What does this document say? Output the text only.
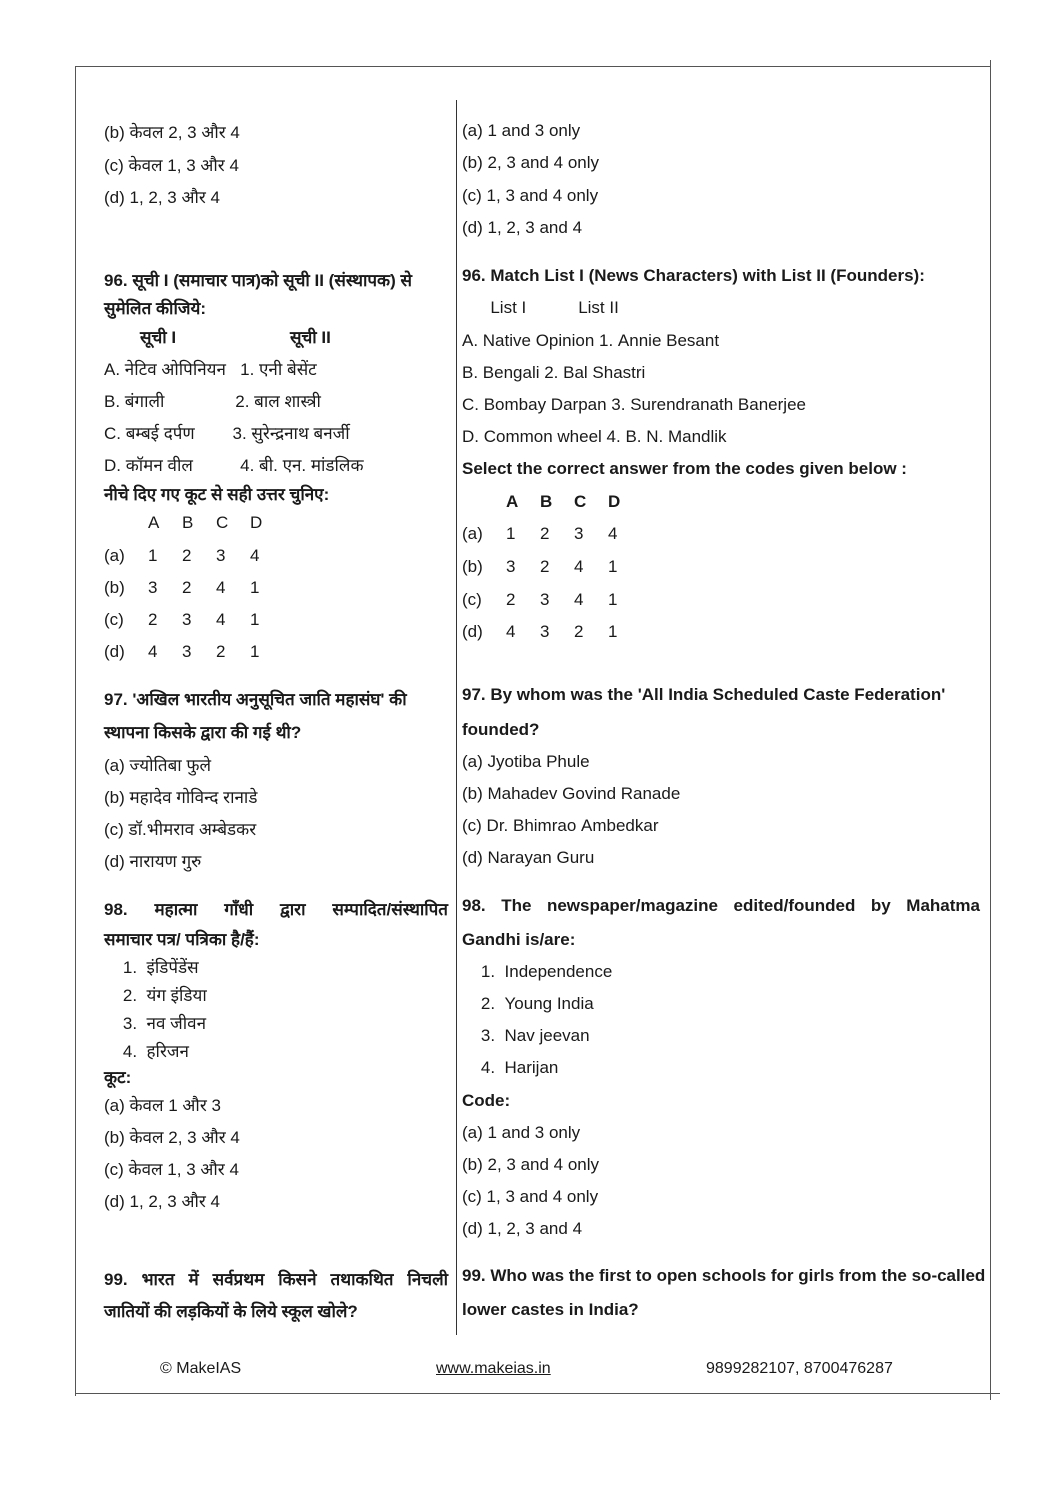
(b) केवल 2, 3 और 4
(c) केवल 1, 3 और 4
(d) 1, 2, 3 और 4
96. सूची I (समाचार पात्र)को सूची II (संस्थापक) से
सुमेलित कीजिये:
सूची I	सूची II
A. नेटिव ओपिनियन   1. एनी बेसेंट
B. बंगाली               2. बाल शास्त्री
C. बम्बई दर्पण        3. सुरेन्द्रनाथ बनर्जी
D. कॉमन वील          4. बी. एन. मांडलिक
नीचे दिए गए कूट से सही उत्तर चुनिए:
A B C D
(a) 1 2 3 4
(b) 3 2 4 1
(c) 2 3 4 1
(d) 4 3 2 1
97. 'अखिल भारतीय अनुसूचित जाति महासंघ' की
स्थापना किसके द्वारा की गई थी?
(a) ज्योतिबा फुले
(b) महादेव गोविन्द रानाडे
(c) डॉ.भीमराव अम्बेडकर
(d) नारायण गुरु
98. महात्मा गाँधी द्वारा सम्पादित/संस्थापित
समाचार पत्र/ पत्रिका है/हैं:
1.  इंडिपेंडेंस
2.  यंग इंडिया
3.  नव जीवन
4.  हरिजन
कूट:
(a) केवल 1 और 3
(b) केवल 2, 3 और 4
(c) केवल 1, 3 और 4
(d) 1, 2, 3 और 4
99. भारत में सर्वप्रथम किसने तथाकथित निचली
जातियों की लड़कियों के लिये स्कूल खोले?
(a) 1 and 3 only
(b) 2, 3 and 4 only
(c) 1, 3 and 4 only
(d) 1, 2, 3 and 4
96. Match List I (News Characters) with List II (Founders):
List I           List II
A. Native Opinion 1. Annie Besant
B. Bengali 2. Bal Shastri
C. Bombay Darpan 3. Surendranath Banerjee
D. Common wheel 4. B. N. Mandlik
Select the correct answer from the codes given below :
A B C D
(a) 1 2 3 4
(b) 3 2 4 1
(c) 2 3 4 1
(d) 4 3 2 1
97. By whom was the 'All India Scheduled Caste Federation'
founded?
(a) Jyotiba Phule
(b) Mahadev Govind Ranade
(c) Dr. Bhimrao Ambedkar
(d) Narayan Guru
98. The newspaper/magazine edited/founded by Mahatma
Gandhi is/are:
1.  Independence
2.  Young India
3.  Nav jeevan
4.  Harijan
Code:
(a) 1 and 3 only
(b) 2, 3 and 4 only
(c) 1, 3 and 4 only
(d) 1, 2, 3 and 4
99. Who was the first to open schools for girls from the so-called
lower castes in India?
© MakeIAS	www.makeias.in	9899282107, 8700476287
